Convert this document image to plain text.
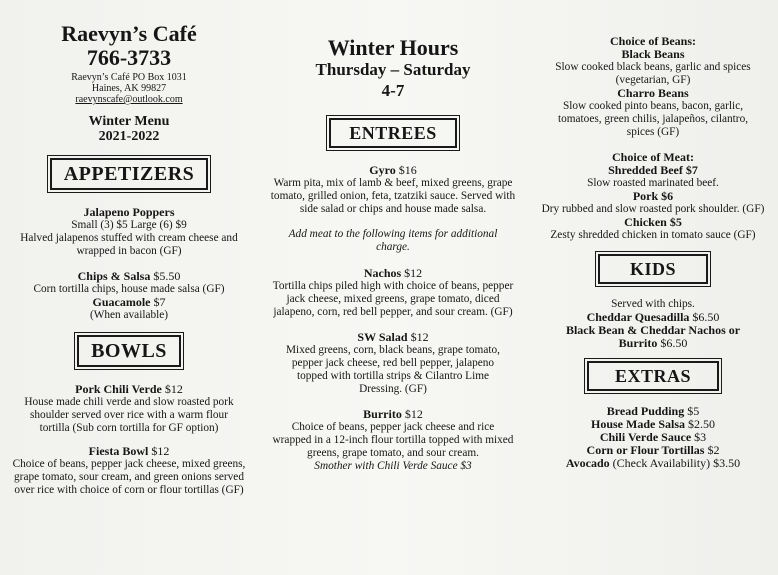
Raevyn’s Café

766-3733

Raevyn’s Café PO Box 1031

Haines, AK 99827

raevynscafe@outlook.com

Winter Menu

2021-2022

APPETIZERS

Jalapeno Poppers

Small (3) $5 Large (6) $9

Halved jalapenos stuffed with cream cheese and wrapped in bacon (GF)

Chips & Salsa $5.50

Corn tortilla chips, house made salsa (GF)

Guacamole $7

(When available)

BOWLS

Pork Chili Verde $12

House made chili verde and slow roasted pork shoulder served over rice with a warm flour tortilla (Sub corn tortilla for GF option)

Fiesta Bowl $12

Choice of beans, pepper jack cheese, mixed greens, grape tomato, sour cream, and green onions served over rice with choice of corn or flour tortillas (GF)

Winter Hours

Thursday – Saturday

4-7

ENTREES

Gyro $16

Warm pita, mix of lamb & beef, mixed greens, grape tomato, grilled onion, feta, tzatziki sauce. Served with side salad or chips and house made salsa.

Add meat to the following items for additional charge.

Nachos $12

Tortilla chips piled high with choice of beans, pepper jack cheese, mixed greens, grape tomato, diced jalapeno, corn, red bell pepper, and sour cream. (GF)

SW Salad $12

Mixed greens, corn, black beans, grape tomato, pepper jack cheese, red bell pepper, jalapeno topped with tortilla strips & Cilantro Lime Dressing. (GF)

Burrito $12

Choice of beans, pepper jack cheese and rice wrapped in a 12-inch flour tortilla topped with mixed greens, grape tomato, and sour cream.

Smother with Chili Verde Sauce $3

Choice of Beans:

Black Beans

Slow cooked black beans, garlic and spices (vegetarian, GF)

Charro Beans

Slow cooked pinto beans, bacon, garlic, tomatoes, green chilis, jalapeños, cilantro, spices (GF)

Choice of Meat:

Shredded Beef $7

Slow roasted marinated beef.

Pork $6

Dry rubbed and slow roasted pork shoulder. (GF)

Chicken $5

Zesty shredded chicken in tomato sauce (GF)

KIDS

Served with chips.

Cheddar Quesadilla $6.50

Black Bean & Cheddar Nachos or Burrito $6.50

EXTRAS

Bread Pudding $5

House Made Salsa $2.50

Chili Verde Sauce $3

Corn or Flour Tortillas $2

Avocado (Check Availability) $3.50
